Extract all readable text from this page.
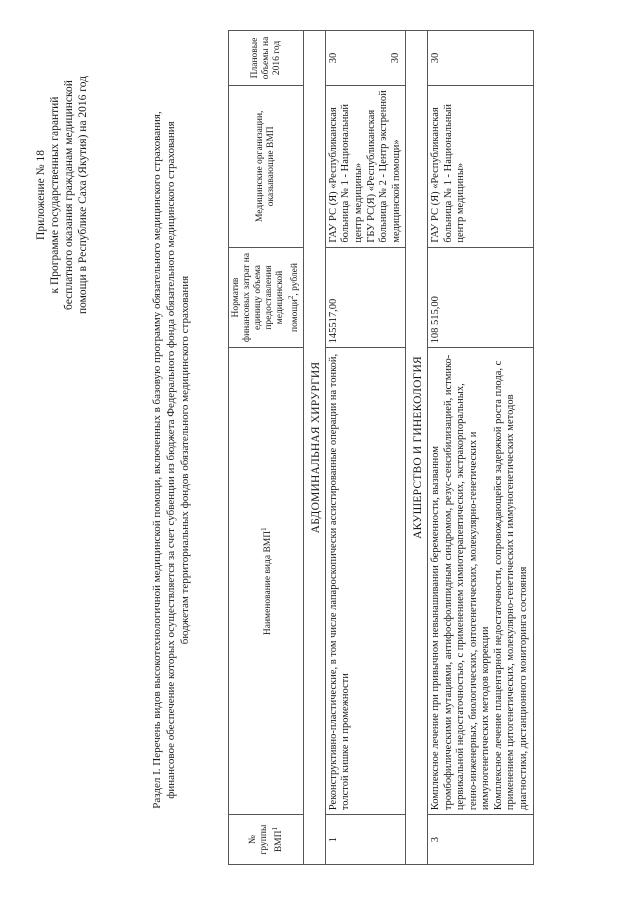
Приложение № 18 к Программе государственных гарантий бесплатного оказания гражданам медицинской помощи в Республике Саха (Якутия) на 2016 год	Раздел I. Перечень видов высокотехнологичной медицинской помощи, включенных в базовую программу обязательного медицинского страхования, финансовое обеспечение которых осуществляется за счет субвенции из бюджета Федерального фонда обязательного медицинского страхования бюджетам территориальных фондов обязательного медицинского страхования
№ группы ВМП$^1$	Наименование вида ВМП$^1$	Норматив финансовых затрат на единицу объема предоставления медицинской помощи$^2$, рублей	Медицинские организации, оказывающие ВМП	Плановые объемы на 2016 год
АБДОМИНАЛЬНАЯ ХИРУРГИЯ				
1	Реконструктивно-пластические, в том числе лапароскопически ассистированные операции на тонкой, толстой кишке и промежности	145517,00	ГАУ РС (Я) «Республиканская больница № 1 - Национальный центр медицины» ГБУ РС(Я) «Республиканская больница № 2 - Центр экстренной медицинской помощи»	30 30

АКУШЕРСТВО И ГИНЕКОЛОГИЯ				
3	Комплексное лечение при привычном невынашивании беременности, вызванном тромбофилическими мутациями, антифосфолипидным синдромом, резус-сенсибилизацией, истмико-цервикальной недостаточностью, с применением химиотерапевтических, экстракорпоральных, генно-инженерных, биологических, онтогенетических, молекулярно-генетических и иммуногенетических методов коррекции Комплексное лечение плацентарной недостаточности, сопровождающейся задержкой роста плода, с применением цитогенетических, молекулярно-генетических и иммуногенетических методов диагностики, дистанционного мониторинга состояния	108 515,00	ГАУ РС (Я) «Республиканская больница № 1 - Национальный центр медицины»	30
